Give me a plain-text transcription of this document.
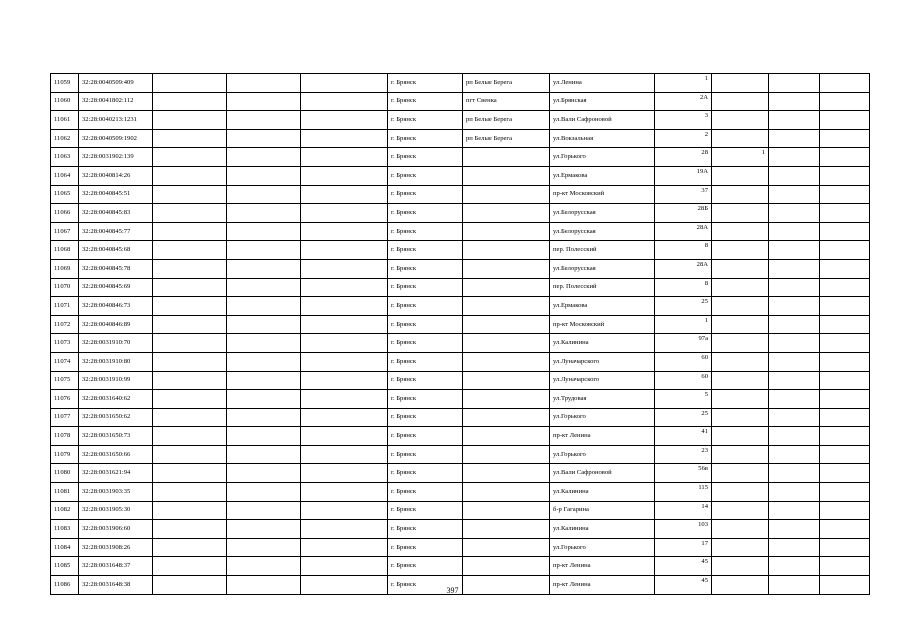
11059	32:28:0040509:409				г. Брянск	рп Белые Берега	ул.Ленина	1			
11060	32:28:0041802:112				г. Брянск	пгт Свенка	ул.Брянская	2А			
11061	32:28:0040213:1231				г. Брянск	рп Белые Берега	ул.Вали Сафроновой	3			
11062	32:28:0040509:1902				г. Брянск	рп Белые Берега	ул.Вокзальная	2			
11063	32:28:0031902:139				г. Брянск		ул.Горького	28	1		
11064	32:28:0040814:26				г. Брянск		ул.Ермакова	19А			
11065	32:28:0040845:51				г. Брянск		пр-кт Московский	37			
11066	32:28:0040845:83				г. Брянск		ул.Белорусская	28Б			
11067	32:28:0040845:77				г. Брянск		ул.Белорусская	28А			
11068	32:28:0040845:68				г. Брянск		пер. Полесский	8			
11069	32:28:0040845:78				г. Брянск		ул.Белорусская	28А			
11070	32:28:0040845:69				г. Брянск		пер. Полесский	8			
11071	32:28:0040846:73				г. Брянск		ул.Ермакова	25			
11072	32:28:0040846:89				г. Брянск		пр-кт Московский	1			
11073	32:28:0031910:70				г. Брянск		ул.Калинина	97а			
11074	32:28:0031910:80				г. Брянск		ул.Луначарского	60			
11075	32:28:0031910:99				г. Брянск		ул.Луначарского	60			
11076	32:28:0031640:62				г. Брянск		ул.Трудовая	5			
11077	32:28:0031650:62				г. Брянск		ул.Горького	25			
11078	32:28:0031650:73				г. Брянск		пр-кт Ленина	41			
11079	32:28:0031650:66				г. Брянск		ул.Горького	23			
11080	32:28:0031621:94				г. Брянск		ул.Вали Сафроновой	56в			
11081	32:28:0031903:35				г. Брянск		ул.Калинина	115			
11082	32:28:0031905:30				г. Брянск		б-р Гагарина	14			
11083	32:28:0031906:60				г. Брянск		ул.Калинина	103			
11084	32:28:0031908:26				г. Брянск		ул.Горького	17			
11085	32:28:0031648:37				г. Брянск		пр-кт Ленина	45			
11086	32:28:0031648:38				г. Брянск		пр-кт Ленина	45			
397
